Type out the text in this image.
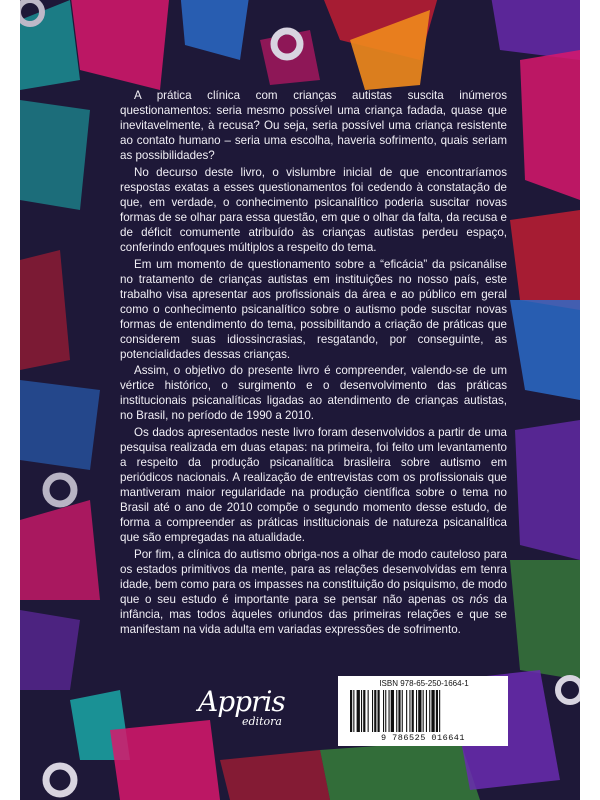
A prática clínica com crianças autistas suscita inúmeros questionamentos: seria mesmo possível uma criança fadada, quase que inevitavelmente, à recusa? Ou seja, seria possível uma criança resistente ao contato humano – seria uma escolha, haveria sofrimento, quais seriam as possibilidades?

No decurso deste livro, o vislumbre inicial de que encontraríamos respostas exatas a esses questionamentos foi cedendo à constatação de que, em verdade, o conhecimento psicanalítico poderia suscitar novas formas de se olhar para essa questão, em que o olhar da falta, da recusa e de déficit comumente atribuído às crianças autistas perdeu espaço, conferindo enfoques múltiplos a respeito do tema.

Em um momento de questionamento sobre a “eficácia” da psicanálise no tratamento de crianças autistas em instituições no nosso país, este trabalho visa apresentar aos profissionais da área e ao público em geral como o conhecimento psicanalítico sobre o autismo pode suscitar novas formas de entendimento do tema, possibilitando a criação de práticas que considerem suas idiossincrasias, resgatando, por conseguinte, as potencialidades dessas crianças.

Assim, o objetivo do presente livro é compreender, valendo-se de um vértice histórico, o surgimento e o desenvolvimento das práticas institucionais psicanalíticas ligadas ao atendimento de crianças autistas, no Brasil, no período de 1990 a 2010.

Os dados apresentados neste livro foram desenvolvidos a partir de uma pesquisa realizada em duas etapas: na primeira, foi feito um levantamento a respeito da produção psicanalítica brasileira sobre autismo em periódicos nacionais. A realização de entrevistas com os profissionais que mantiveram maior regularidade na produção científica sobre o tema no Brasil até o ano de 2010 compõe o segundo momento desse estudo, de forma a compreender as práticas institucionais de natureza psicanalítica que são empregadas na atualidade.

Por fim, a clínica do autismo obriga-nos a olhar de modo cauteloso para os estados primitivos da mente, para as relações desenvolvidas em tenra idade, bem como para os impasses na constituição do psiquismo, de modo que o seu estudo é importante para se pensar não apenas os nós da infância, mas todos àqueles oriundos das primeiras relações e que se manifestam na vida adulta em variadas expressões de sofrimento.

Appris
editora
ISBN 978-65-250-1664-1
9 786525 016641
